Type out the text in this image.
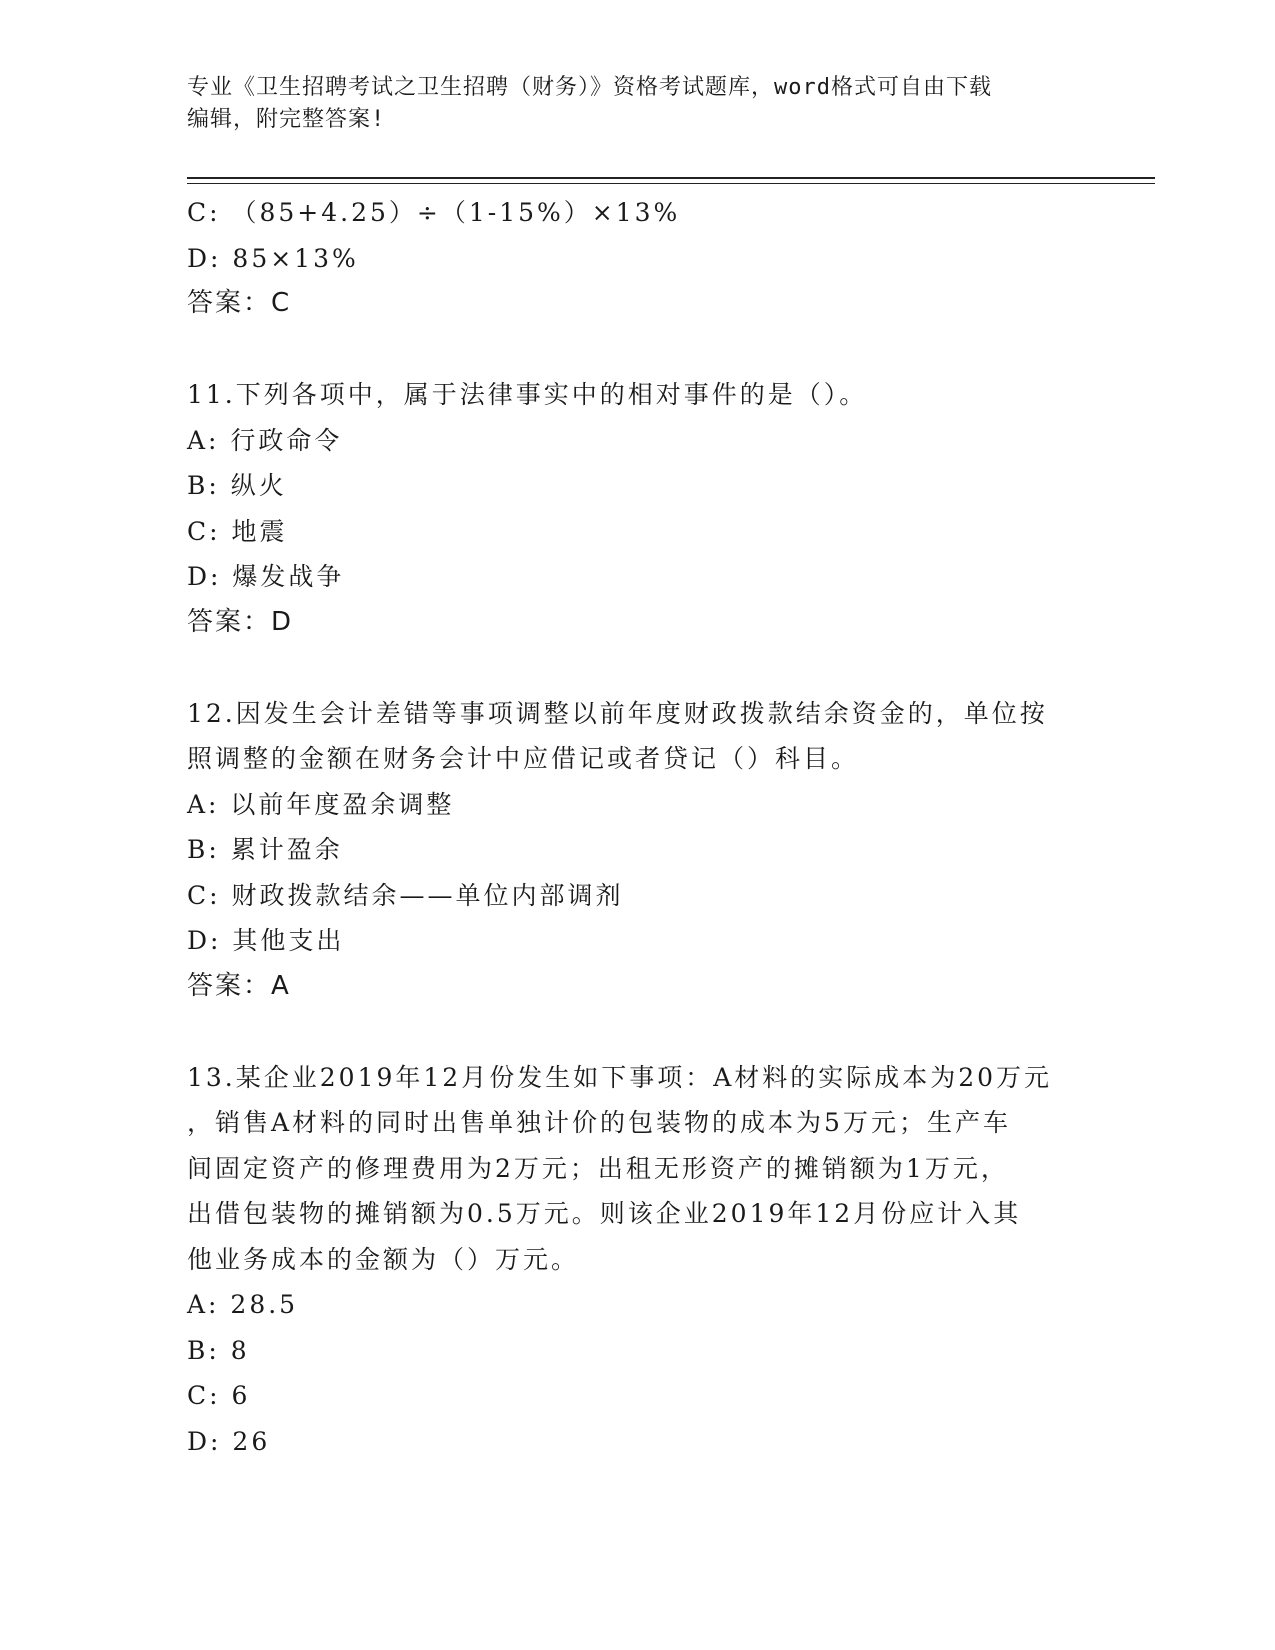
专业《卫生招聘考试之卫生招聘（财务）》资格考试题库，word格式可自由下载
编辑，附完整答案!
C: （85+4.25）÷（1-15%）×13%
D: 85×13%
答案：C
11.下列各项中，属于法律事实中的相对事件的是（）。
A: 行政命令
B: 纵火
C: 地震
D: 爆发战争
答案：D
12.因发生会计差错等事项调整以前年度财政拨款结余资金的，单位按
照调整的金额在财务会计中应借记或者贷记（）科目。
A: 以前年度盈余调整
B: 累计盈余
C: 财政拨款结余——单位内部调剂
D: 其他支出
答案：A
13.某企业2019年12月份发生如下事项：A材料的实际成本为20万元
，销售A材料的同时出售单独计价的包装物的成本为5万元；生产车
间固定资产的修理费用为2万元；出租无形资产的摊销额为1万元，
出借包装物的摊销额为0.5万元。则该企业2019年12月份应计入其
他业务成本的金额为（）万元。
A: 28.5
B: 8
C: 6
D: 26
